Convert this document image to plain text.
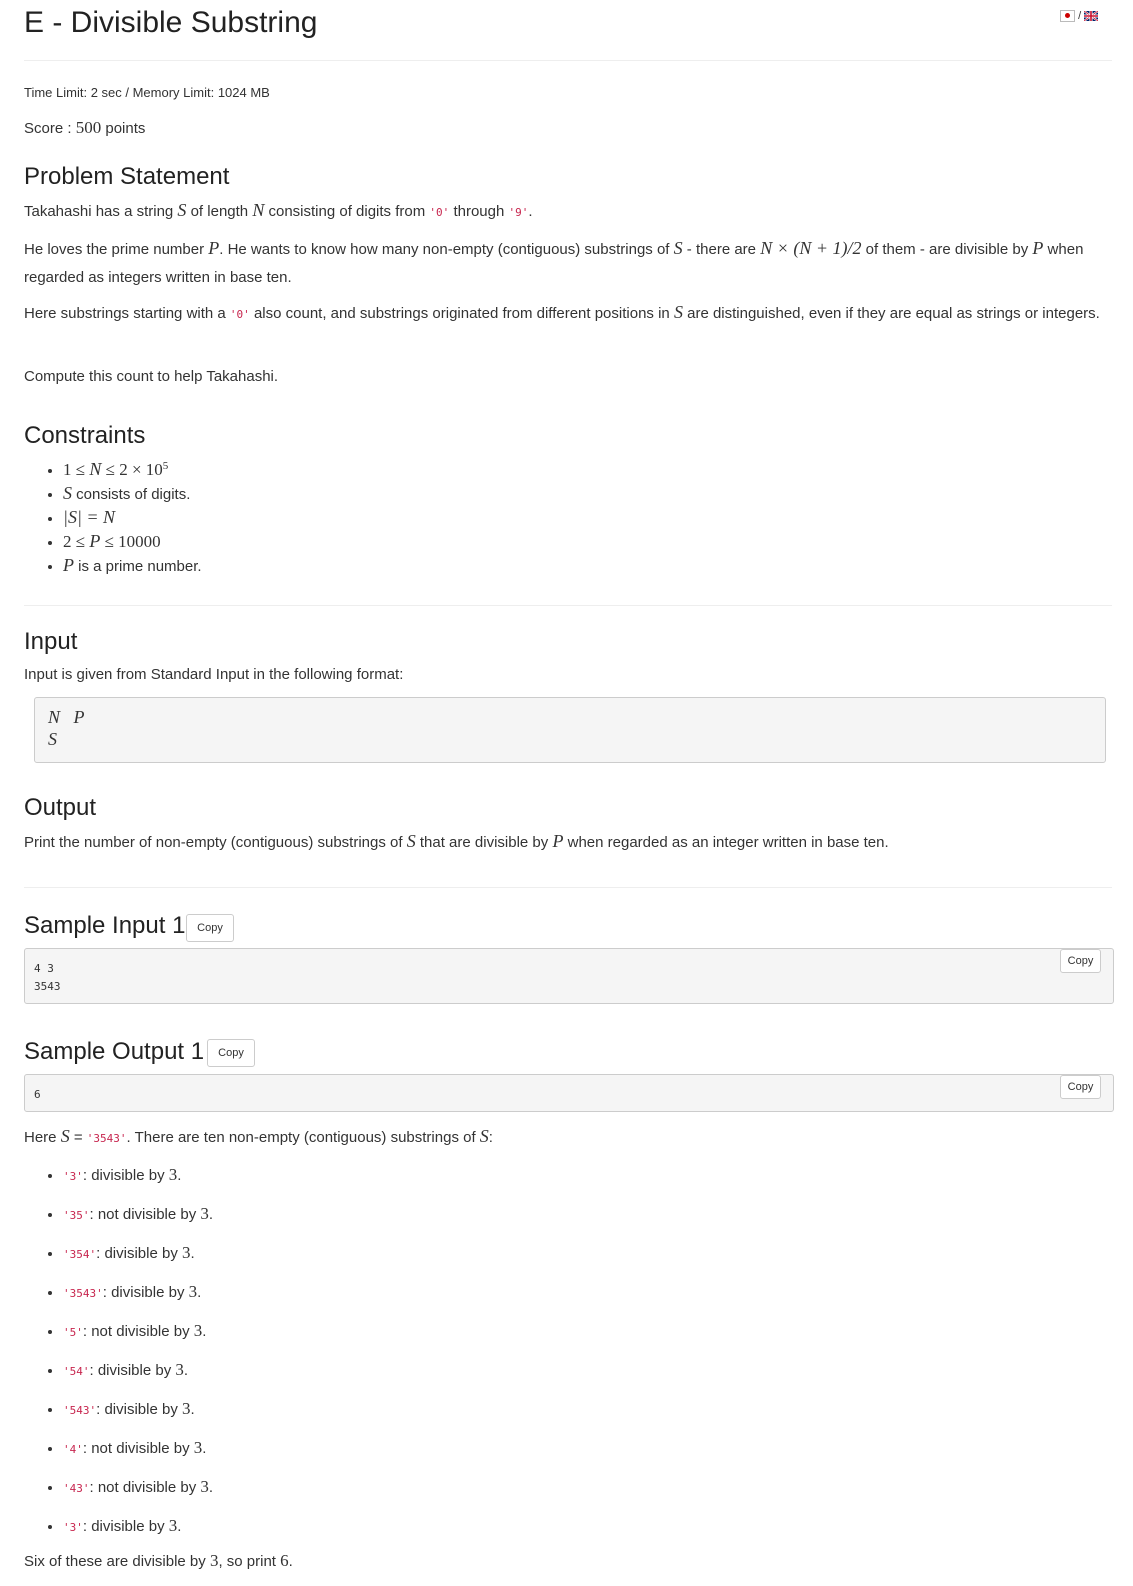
E - Divisible Substring	/
Time Limit: 2 sec / Memory Limit: 1024 MB
Score : 500 points
Problem Statement
Takahashi has a string S of length N consisting of digits from '0' through '9'.
He loves the prime number P. He wants to know how many non-empty (contiguous) substrings of S - there are N × (N + 1)/2 of them - are divisible by P when regarded as integers written in base ten.
Here substrings starting with a '0' also count, and substrings originated from different positions in S are distinguished, even if they are equal as strings or integers.
Compute this count to help Takahashi.
Constraints
• $1 \le N \le 2 \times 10^5$
• S consists of digits.
• |S| = N
• 2 ≤ P ≤ 10000
• P is a prime number.
Input
Input is given from Standard Input in the following format:
N   P
S
Output
Print the number of non-empty (contiguous) substrings of S that are divisible by P when regarded as an integer written in base ten.
Sample Input 1	Copy
4 3
3543
Copy
Sample Output 1	Copy
6
Copy
Here S = '3543'. There are ten non-empty (contiguous) substrings of S:
• '3': divisible by 3.
• '35': not divisible by 3.
• '354': divisible by 3.
• '3543': divisible by 3.
• '5': not divisible by 3.
• '54': divisible by 3.
• '543': divisible by 3.
• '4': not divisible by 3.
• '43': not divisible by 3.
• '3': divisible by 3.
Six of these are divisible by 3, so print 6.
